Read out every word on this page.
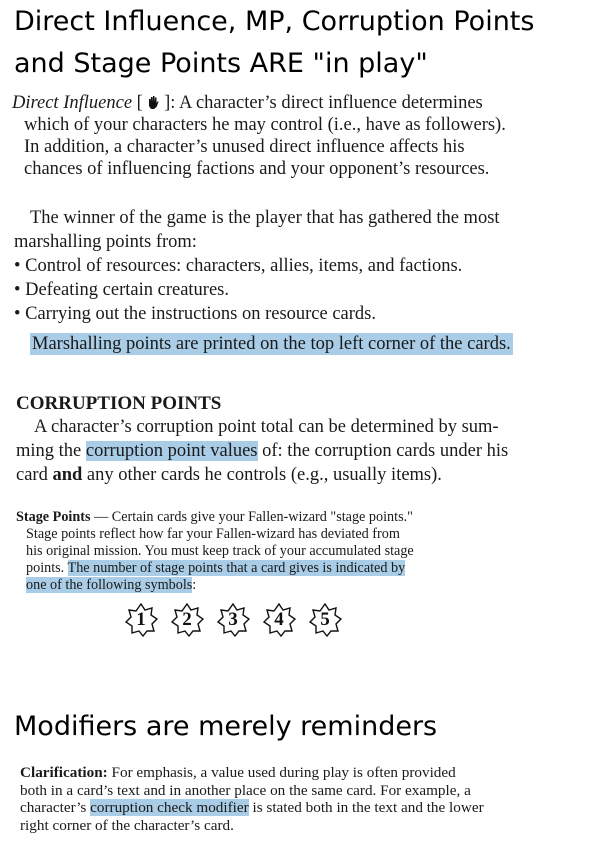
Direct Influence, MP, Corruption Points
and Stage Points ARE "in play"
Direct Influence [  ]: A character’s direct influence determines
which of your characters he may control (i.e., have as followers).
In addition, a character’s unused direct influence affects his
chances of influencing factions and your opponent’s resources.
The winner of the game is the player that has gathered the most
marshalling points from:
• Control of resources: characters, allies, items, and factions.
• Defeating certain creatures.
• Carrying out the instructions on resource cards.
Marshalling points are printed on the top left corner of the cards.
CORRUPTION POINTS
A character’s corruption point total can be determined by sum-
ming the corruption point values of: the corruption cards under his
card and any other cards he controls (e.g., usually items).
Stage Points — Certain cards give your Fallen-wizard "stage points."
Stage points reflect how far your Fallen-wizard has deviated from
his original mission. You must keep track of your accumulated stage
points. The number of stage points that a card gives is indicated by
one of the following symbols:
1	2	3	4	5
Modifiers are merely reminders
Clarification: For emphasis, a value used during play is often provided
both in a card’s text and in another place on the same card. For example, a
character’s corruption check modifier is stated both in the text and the lower
right corner of the character’s card.
